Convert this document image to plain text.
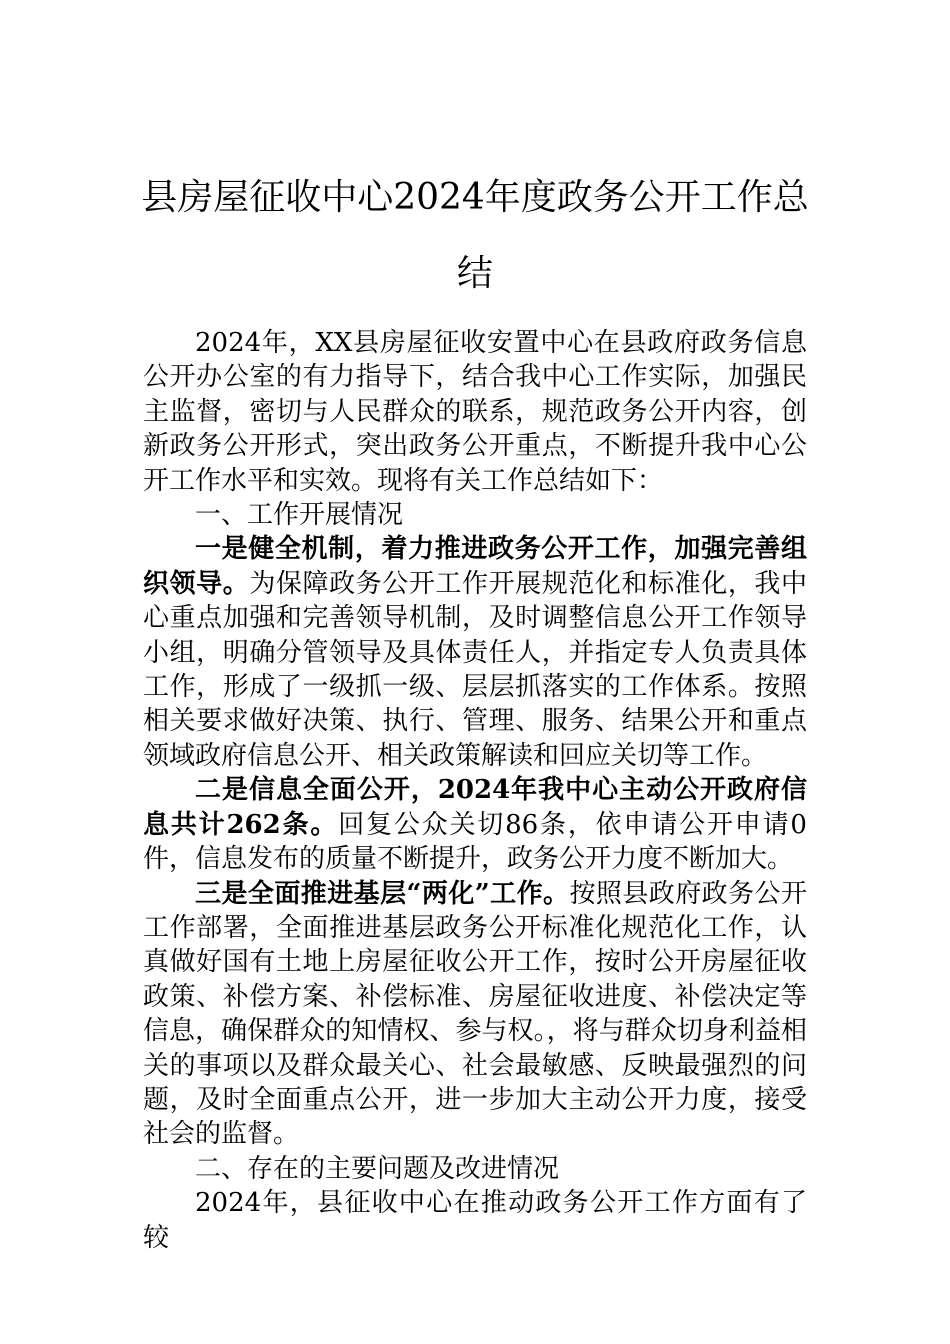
县房屋征收中心2024年度政务公开工作总结

2024年，XX县房屋征收安置中心在县政府政务信息公开办公室的有力指导下，结合我中心工作实际，加强民主监督，密切与人民群众的联系，规范政务公开内容，创新政务公开形式，突出政务公开重点，不断提升我中心公开工作水平和实效。现将有关工作总结如下：

一、工作开展情况

一是健全机制，着力推进政务公开工作，加强完善组织领导。为保障政务公开工作开展规范化和标准化，我中心重点加强和完善领导机制，及时调整信息公开工作领导小组，明确分管领导及具体责任人，并指定专人负责具体工作，形成了一级抓一级、层层抓落实的工作体系。按照相关要求做好决策、执行、管理、服务、结果公开和重点领域政府信息公开、相关政策解读和回应关切等工作。

二是信息全面公开，2024年我中心主动公开政府信息共计262条。回复公众关切86条，依申请公开申请0件，信息发布的质量不断提升，政务公开力度不断加大。

三是全面推进基层“两化”工作。按照县政府政务公开工作部署，全面推进基层政务公开标准化规范化工作，认真做好国有土地上房屋征收公开工作，按时公开房屋征收政策、补偿方案、补偿标准、房屋征收进度、补偿决定等信息，确保群众的知情权、参与权。，将与群众切身利益相关的事项以及群众最关心、社会最敏感、反映最强烈的问题，及时全面重点公开，进一步加大主动公开力度，接受社会的监督。

二、存在的主要问题及改进情况

2024年，县征收中心在推动政务公开工作方面有了较
